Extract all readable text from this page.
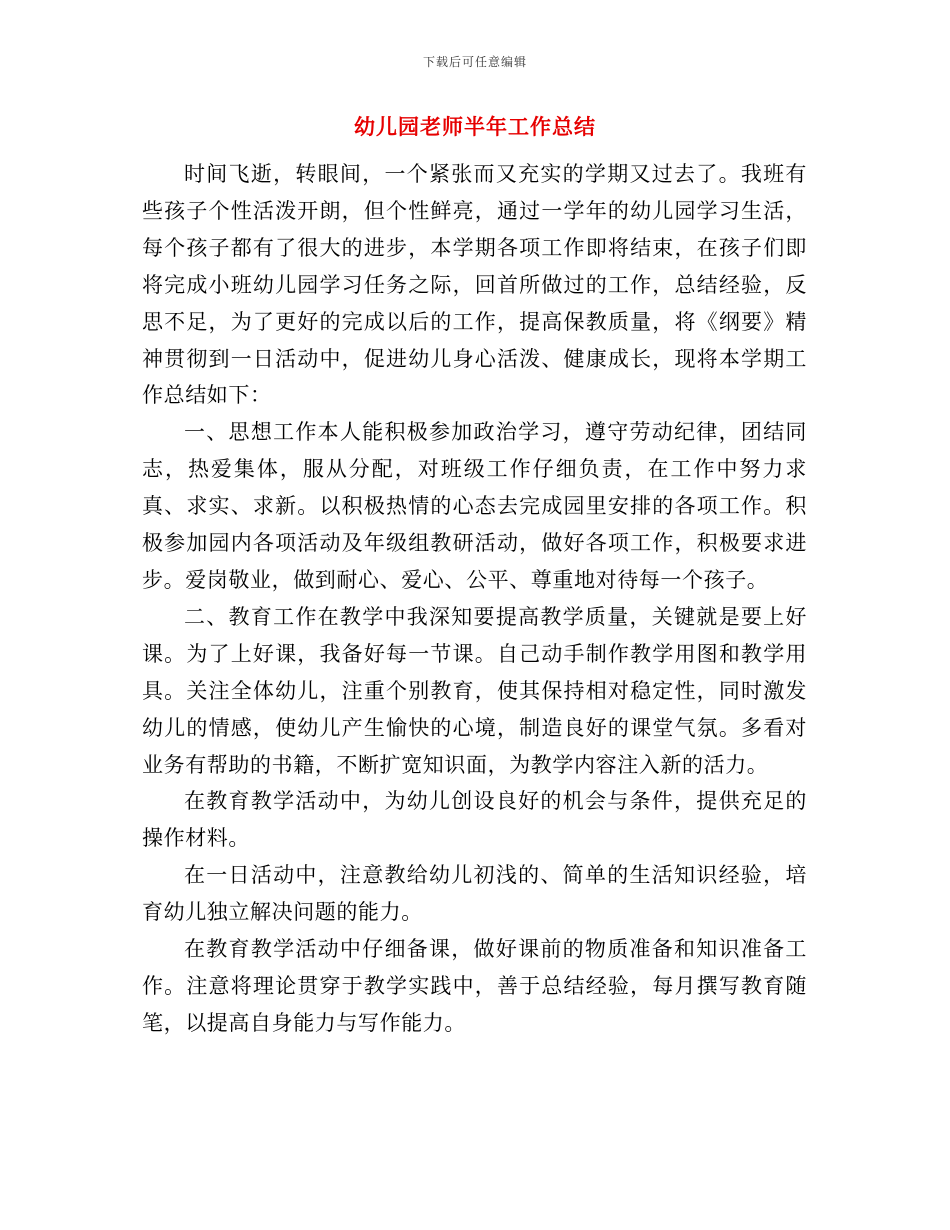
下载后可任意编辑
幼儿园老师半年工作总结

时间飞逝，转眼间，一个紧张而又充实的学期又过去了。我班有些孩子个性活泼开朗，但个性鲜亮，通过一学年的幼儿园学习生活，每个孩子都有了很大的进步，本学期各项工作即将结束，在孩子们即将完成小班幼儿园学习任务之际，回首所做过的工作，总结经验，反思不足，为了更好的完成以后的工作，提高保教质量，将《纲要》精神贯彻到一日活动中，促进幼儿身心活泼、健康成长，现将本学期工作总结如下：

一、思想工作本人能积极参加政治学习，遵守劳动纪律，团结同志，热爱集体，服从分配，对班级工作仔细负责，在工作中努力求真、求实、求新。以积极热情的心态去完成园里安排的各项工作。积极参加园内各项活动及年级组教研活动，做好各项工作，积极要求进步。爱岗敬业，做到耐心、爱心、公平、尊重地对待每一个孩子。

二、教育工作在教学中我深知要提高教学质量，关键就是要上好课。为了上好课，我备好每一节课。自己动手制作教学用图和教学用具。关注全体幼儿，注重个别教育，使其保持相对稳定性，同时激发幼儿的情感，使幼儿产生愉快的心境，制造良好的课堂气氛。多看对业务有帮助的书籍，不断扩宽知识面，为教学内容注入新的活力。

在教育教学活动中，为幼儿创设良好的机会与条件，提供充足的操作材料。

在一日活动中，注意教给幼儿初浅的、简单的生活知识经验，培育幼儿独立解决问题的能力。

在教育教学活动中仔细备课，做好课前的物质准备和知识准备工作。注意将理论贯穿于教学实践中，善于总结经验，每月撰写教育随笔，以提高自身能力与写作能力。
